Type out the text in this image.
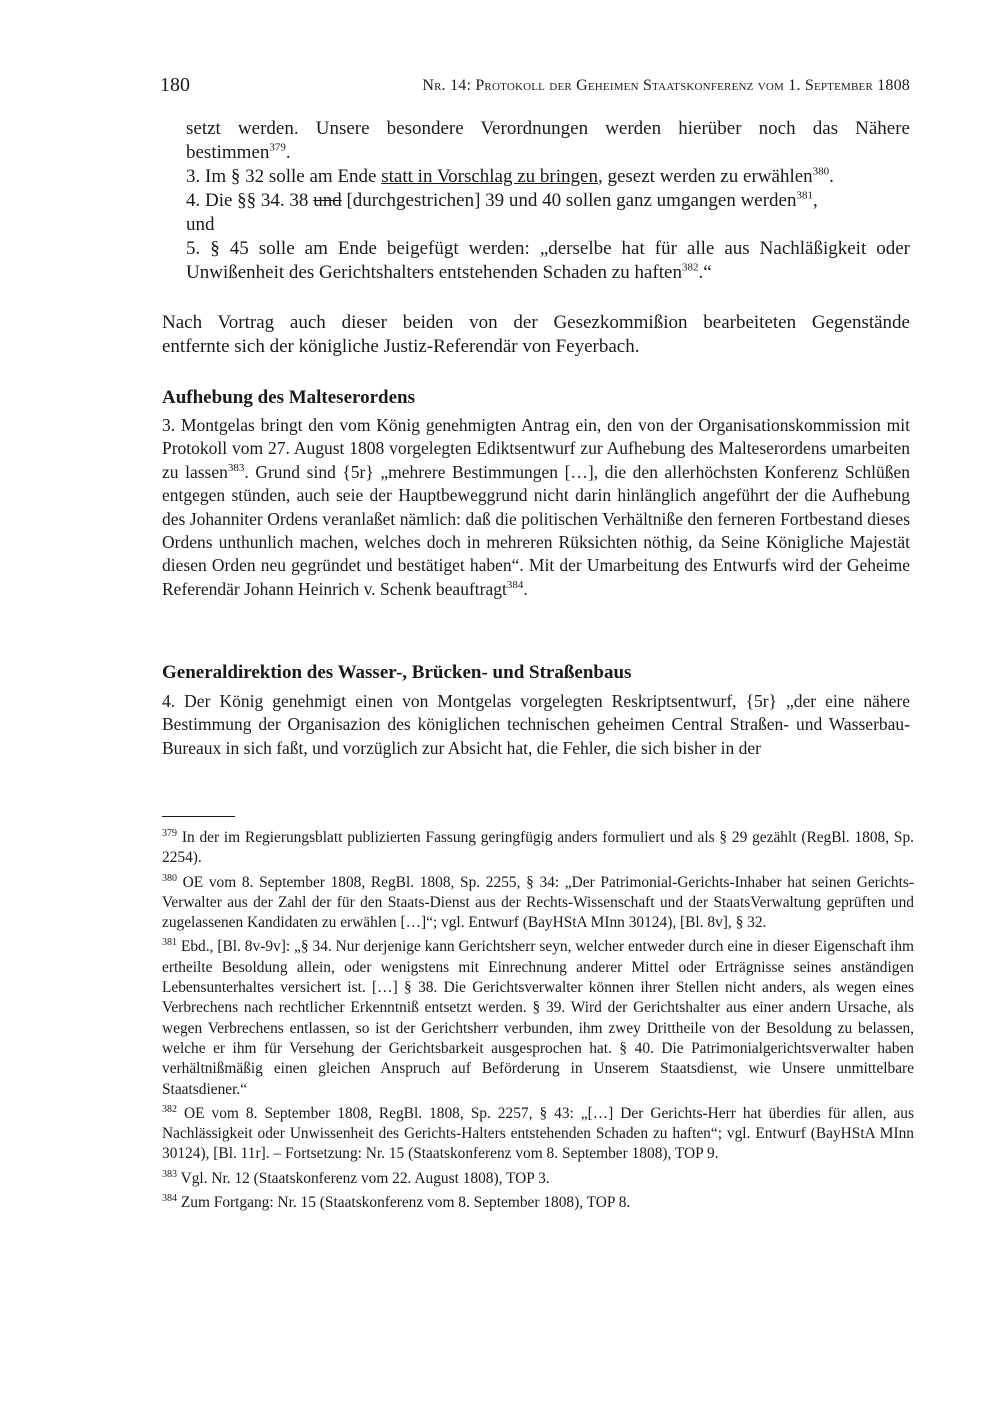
180	Nr. 14: Protokoll der Geheimen Staatskonferenz vom 1. September 1808
setzt werden. Unsere besondere Verordnungen werden hierüber noch das Nähere
bestimmen$^{379}$.
3. Im § 32 solle am Ende statt in Vorschlag zu bringen, gesezt werden zu erwählen$^{380}$.
4. Die §§ 34. 38 und [durchgestrichen] 39 und 40 sollen ganz umgangen werden$^{381}$,
und
5. § 45 solle am Ende beigefügt werden: „derselbe hat für alle aus Nachläßigkeit oder
Unwißenheit des Gerichtshalters entstehenden Schaden zu haften$^{382}$.“
Nach Vortrag auch dieser beiden von der Gesezkommißion bearbeiteten Gegenstände
entfernte sich der königliche Justiz-Referendär von Feyerbach.
Aufhebung des Malteserordens
3. Montgelas bringt den vom König genehmigten Antrag ein, den von der Organisationskommission mit Protokoll vom 27. August 1808 vorgelegten Ediktsentwurf zur Aufhebung des Malteserordens umarbeiten zu lassen$^{383}$. Grund sind {5r} „mehrere Bestimmungen […], die den allerhöchsten Konferenz Schlüßen entgegen stünden, auch seie der Hauptbeweggrund nicht darin hinlänglich angeführt der die Aufhebung des Johanniter Ordens veranlaßet nämlich: daß die politischen Verhältniße den ferneren Fortbestand dieses Ordens unthunlich machen, welches doch in mehreren Rüksichten nöthig, da Seine Königliche Majestät diesen Orden neu gegründet und bestätiget haben“. Mit der Umarbeitung des Entwurfs wird der Geheime Referendär Johann Heinrich v. Schenk beauftragt$^{384}$.
Generaldirektion des Wasser-, Brücken- und Straßenbaus
4. Der König genehmigt einen von Montgelas vorgelegten Reskriptsentwurf, {5r} „der eine nähere Bestimmung der Organisazion des königlichen technischen geheimen Central Straßen- und Wasserbau-Bureaux in sich faßt, und vorzüglich zur Absicht hat, die Fehler, die sich bisher in der
$^{379}$ In der im Regierungsblatt publizierten Fassung geringfügig anders formuliert und als § 29 gezählt (RegBl. 1808, Sp. 2254).
$^{380}$ OE vom 8. September 1808, RegBl. 1808, Sp. 2255, § 34: „Der Patrimonial-Gerichts-Inhaber hat seinen Gerichts-Verwalter aus der Zahl der für den Staats-Dienst aus der Rechts-Wissenschaft und der StaatsVerwaltung geprüften und zugelassenen Kandidaten zu erwählen […]“; vgl. Entwurf (BayHStA MInn 30124), [Bl. 8v], § 32.
$^{381}$ Ebd., [Bl. 8v-9v]: „§ 34. Nur derjenige kann Gerichtsherr seyn, welcher entweder durch eine in dieser Eigenschaft ihm ertheilte Besoldung allein, oder wenigstens mit Einrechnung anderer Mittel oder Erträgnisse seines anständigen Lebensunterhaltes versichert ist. […] § 38. Die Gerichtsverwalter können ihrer Stellen nicht anders, als wegen eines Verbrechens nach rechtlicher Erkenntniß entsetzt werden. § 39. Wird der Gerichtshalter aus einer andern Ursache, als wegen Verbrechens entlassen, so ist der Gerichtsherr verbunden, ihm zwey Drittheile von der Besoldung zu belassen, welche er ihm für Versehung der Gerichtsbarkeit ausgesprochen hat. § 40. Die Patrimonialgerichtsverwalter haben verhältnißmäßig einen gleichen Anspruch auf Beförderung in Unserem Staatsdienst, wie Unsere unmittelbare Staatsdiener.“
$^{382}$ OE vom 8. September 1808, RegBl. 1808, Sp. 2257, § 43: „[…] Der Gerichts-Herr hat überdies für allen, aus Nachlässigkeit oder Unwissenheit des Gerichts-Halters entstehenden Schaden zu haften“; vgl. Entwurf (BayHStA MInn 30124), [Bl. 11r]. – Fortsetzung: Nr. 15 (Staatskonferenz vom 8. September 1808), TOP 9.
$^{383}$ Vgl. Nr. 12 (Staatskonferenz vom 22. August 1808), TOP 3.
$^{384}$ Zum Fortgang: Nr. 15 (Staatskonferenz vom 8. September 1808), TOP 8.
